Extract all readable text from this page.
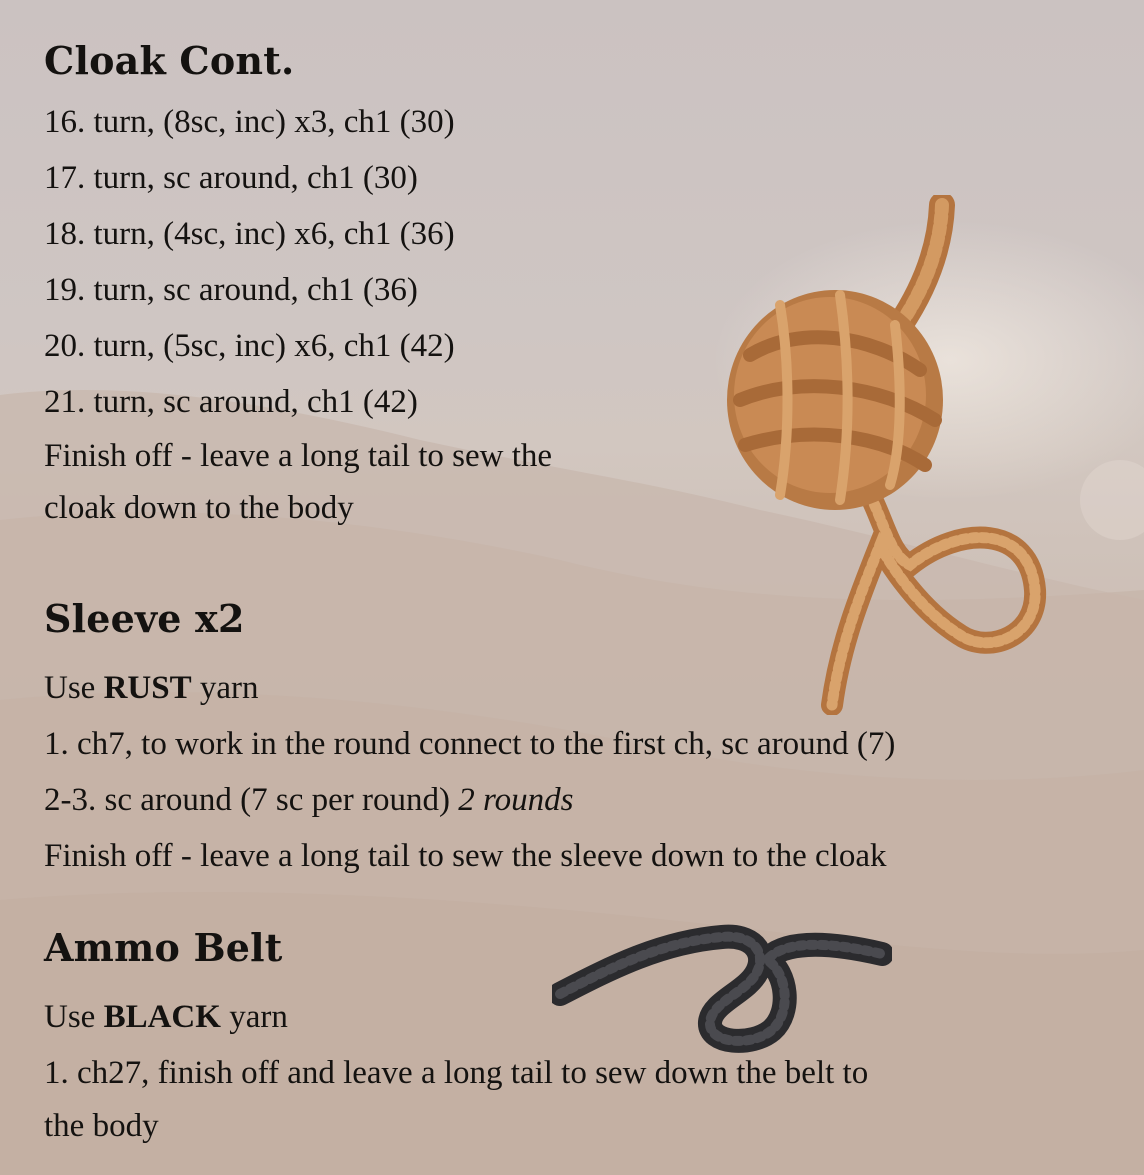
Cloak Cont.
16. turn, (8sc, inc) x3, ch1 (30)
17. turn, sc around, ch1 (30)
18. turn, (4sc, inc) x6, ch1 (36)
19. turn, sc around, ch1 (36)
20. turn, (5sc, inc) x6, ch1 (42)
21. turn, sc around, ch1 (42)
Finish off - leave a long tail to sew the
cloak down to the body
Sleeve x2
Use RUST yarn
1. ch7, to work in the round connect to the first ch, sc around (7)
2-3. sc around (7 sc per round) 2 rounds
Finish off - leave a long tail to sew the sleeve down to the cloak
Ammo Belt
Use BLACK yarn
1. ch27, finish off and leave a long tail to sew down the belt to
the body
